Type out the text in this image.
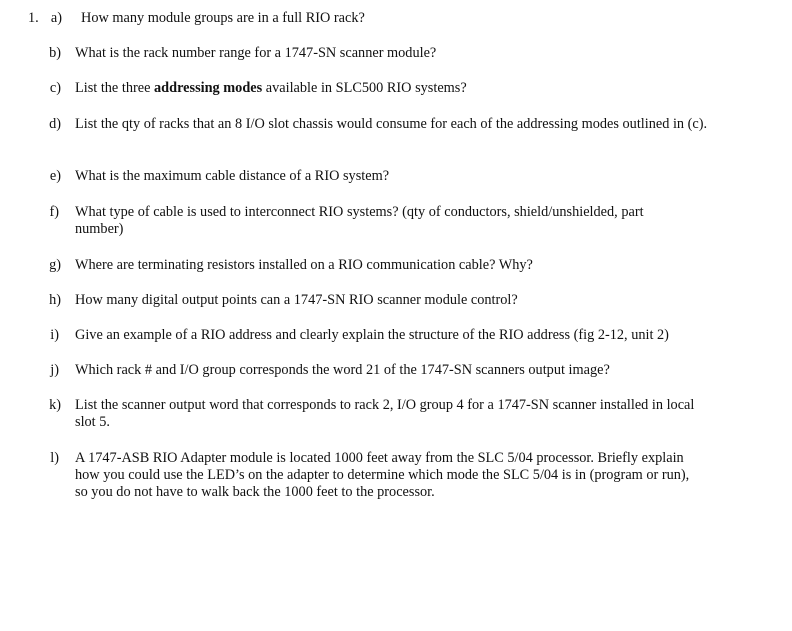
1. a) How many module groups are in a full RIO rack?
b) What is the rack number range for a 1747-SN scanner module?
c) List the three addressing modes available in SLC500 RIO systems?
d) List the qty of racks that an 8 I/O slot chassis would consume for each of the addressing modes outlined in (c).
e) What is the maximum cable distance of a RIO system?
f) What type of cable is used to interconnect RIO systems? (qty of conductors, shield/unshielded, part number)
g) Where are terminating resistors installed on a RIO communication cable? Why?
h) How many digital output points can a 1747-SN RIO scanner module control?
i) Give an example of a RIO address and clearly explain the structure of the RIO address (fig 2-12, unit 2)
j) Which rack # and I/O group corresponds the word 21 of the 1747-SN scanners output image?
k) List the scanner output word that corresponds to rack 2, I/O group 4 for a 1747-SN scanner installed in local slot 5.
l) A 1747-ASB RIO Adapter module is located 1000 feet away from the SLC 5/04 processor. Briefly explain how you could use the LED’s on the adapter to determine which mode the SLC 5/04 is in (program or run), so you do not have to walk back the 1000 feet to the processor.
